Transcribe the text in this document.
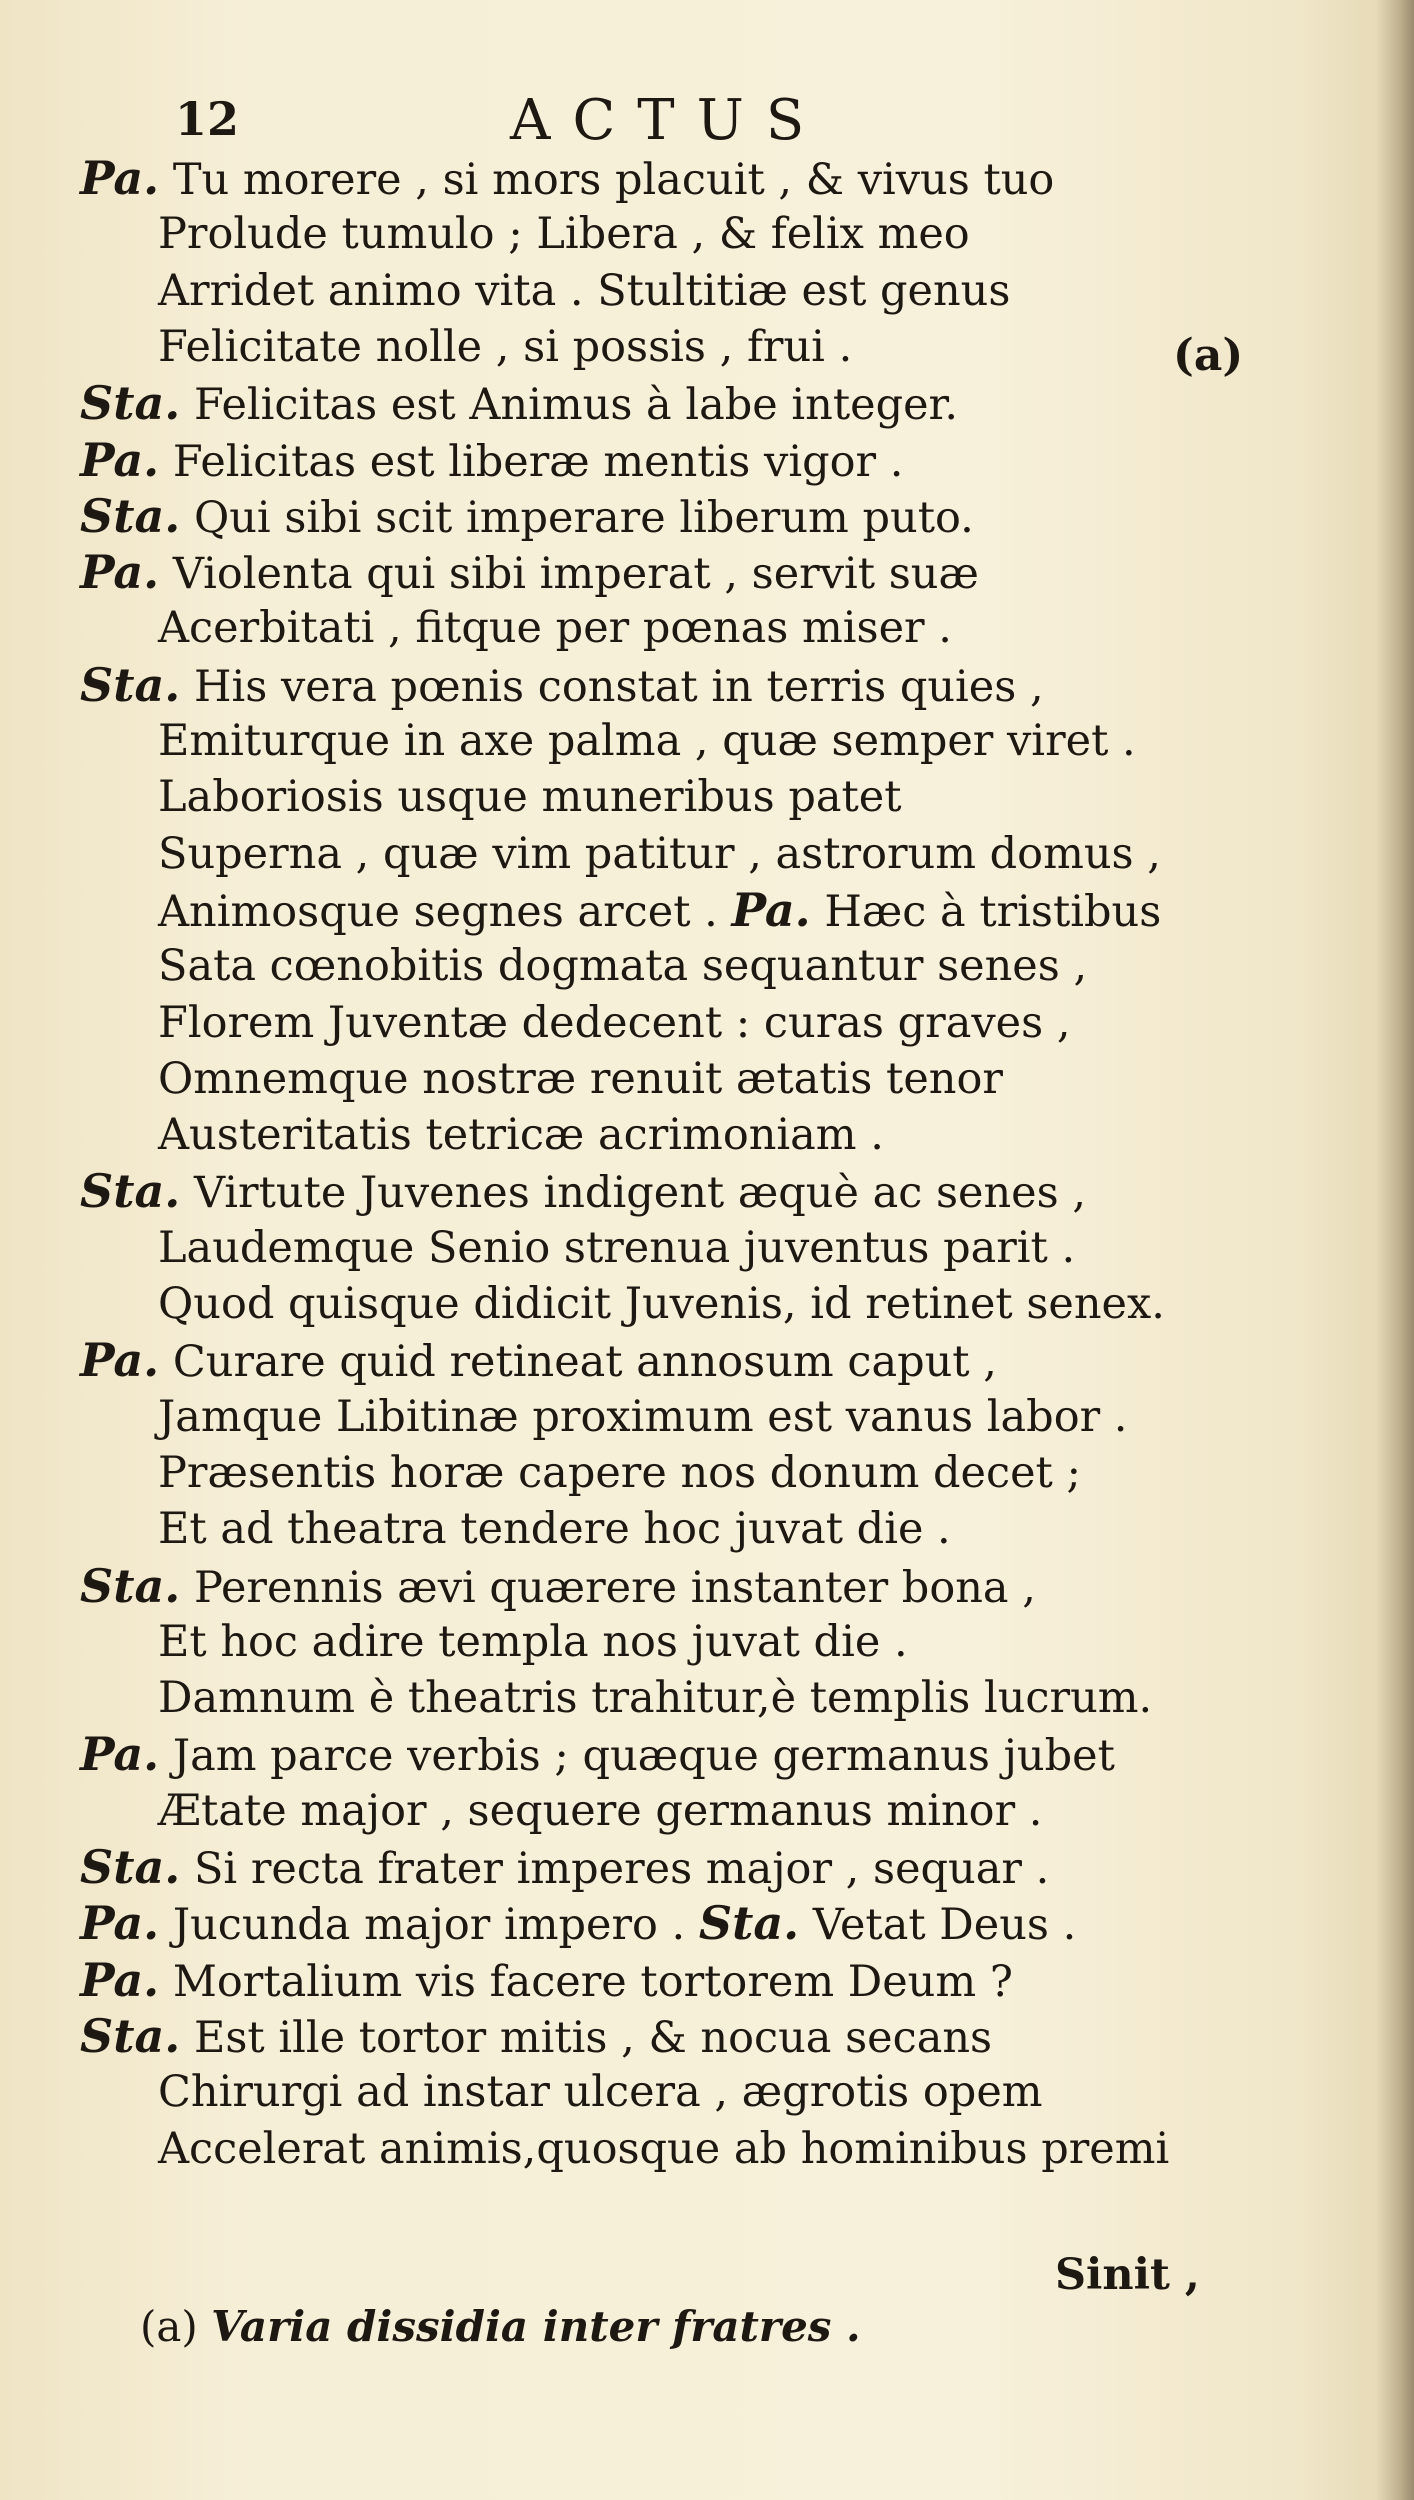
12	ACTUS
Pa. Tu morere , si mors placuit , & vivus tuo
Prolude tumulo ; Libera , & felix meo
Arridet animo vita . Stultitiæ est genus
Felicitate nolle , si possis , frui .
Sta. Felicitas est Animus à labe integer.
Pa. Felicitas est liberæ mentis vigor .
Sta. Qui sibi scit imperare liberum puto.
Pa. Violenta qui sibi imperat , servit suæ
Acerbitati , fitque per pœnas miser .
Sta. His vera pœnis constat in terris quies ,
Emiturque in axe palma , quæ semper viret .
Laboriosis usque muneribus patet
Superna , quæ vim patitur , astrorum domus ,
Animosque segnes arcet . Pa. Hæc à tristibus
Sata cœnobitis dogmata sequantur senes ,
Florem Juventæ dedecent : curas graves ,
Omnemque nostræ renuit ætatis tenor
Austeritatis tetricæ acrimoniam .
Sta. Virtute Juvenes indigent æquè ac senes ,
Laudemque Senio strenua juventus parit .
Quod quisque didicit Juvenis, id retinet senex.
Pa. Curare quid retineat annosum caput ,
Jamque Libitinæ proximum est vanus labor .
Præsentis horæ capere nos donum decet ;
Et ad theatra tendere hoc juvat die .
Sta. Perennis ævi quærere instanter bona ,
Et hoc adire templa nos juvat die .
Damnum è theatris trahitur,è templis lucrum.
Pa. Jam parce verbis ; quæque germanus jubet
Ætate major , sequere germanus minor .
Sta. Si recta frater imperes major , sequar .
Pa. Jucunda major impero . Sta. Vetat Deus .
Pa. Mortalium vis facere tortorem Deum ?
Sta. Est ille tortor mitis , & nocua secans
Chirurgi ad instar ulcera , ægrotis opem
Accelerat animis,quosque ab hominibus premi
(a)
Sinit ,
(a) Varia dissidia inter fratres .
